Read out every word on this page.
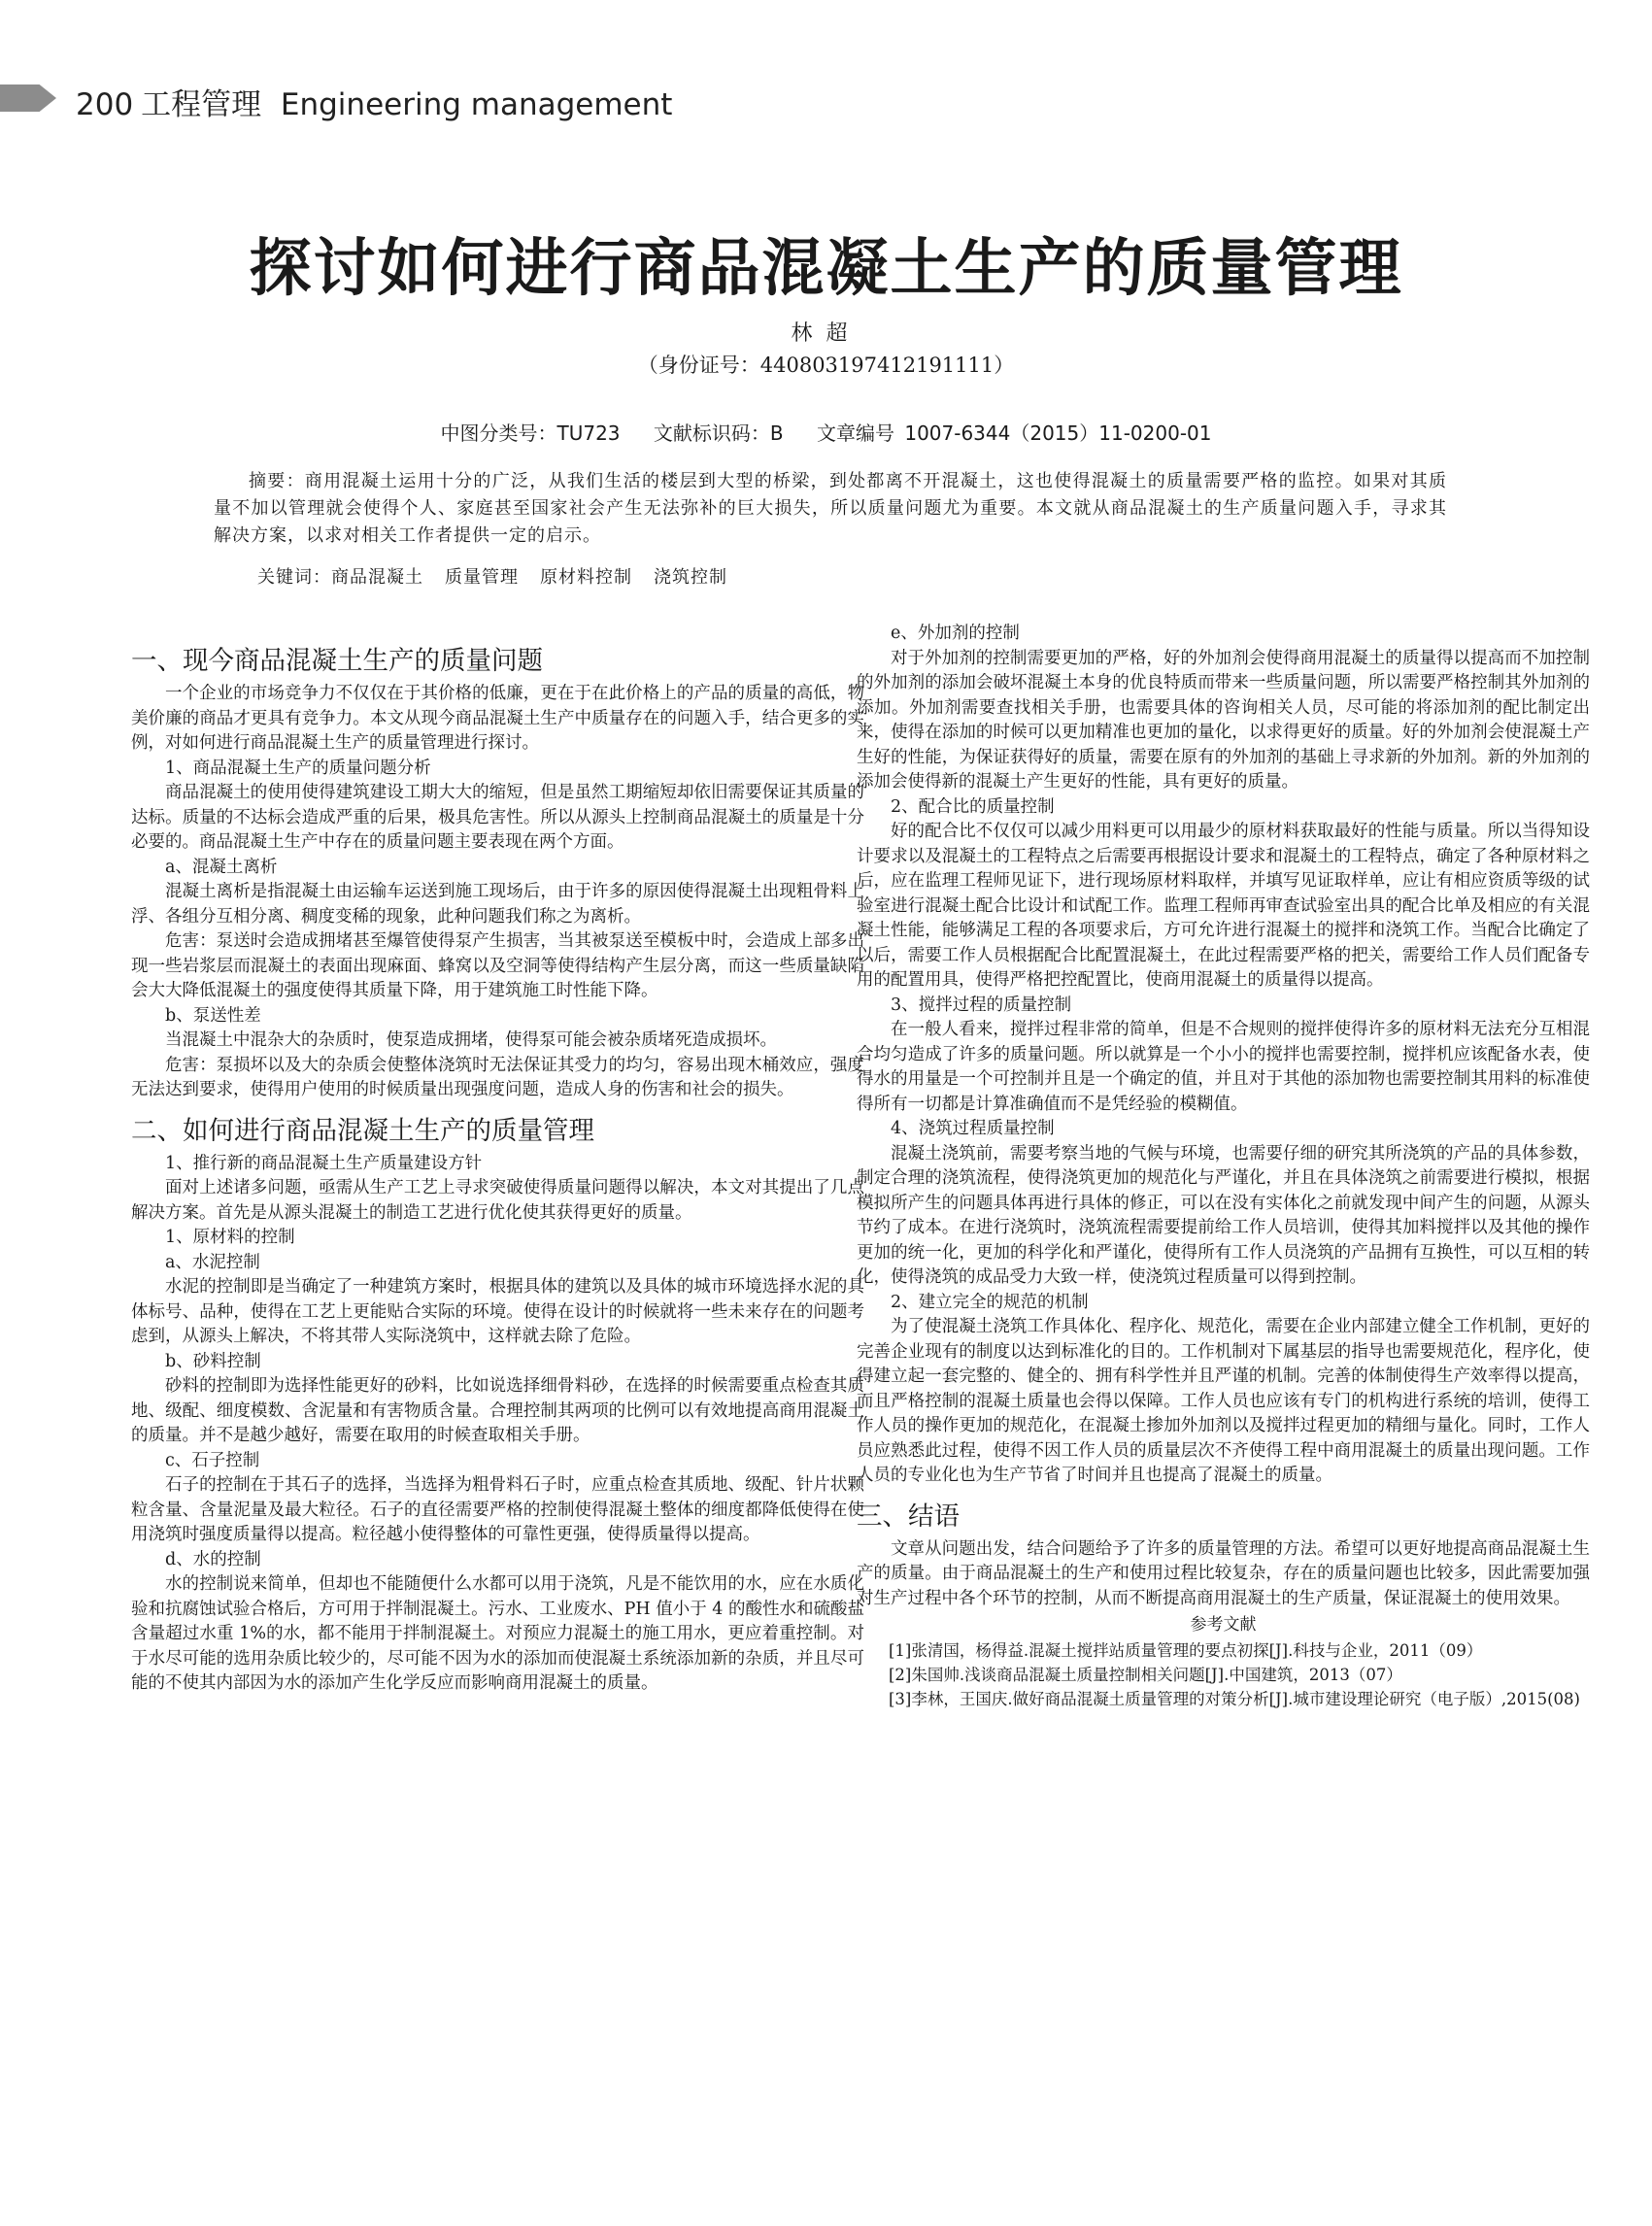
200 工程管理 Engineering management
探讨如何进行商品混凝土生产的质量管理
林超
（身份证号：440803197412191111）
中图分类号：TU723 文献标识码：B 文章编号 1007-6344（2015）11-0200-01

摘要：商用混凝土运用十分的广泛，从我们生活的楼层到大型的桥梁，到处都离不开混凝土，这也使得混凝土的质量需要严格的监控。如果对其质量不加以管理就会使得个人、家庭甚至国家社会产生无法弥补的巨大损失，所以质量问题尤为重要。本文就从商品混凝土的生产质量问题入手，寻求其解决方案，以求对相关工作者提供一定的启示。

关键词：商品混凝土 质量管理 原材料控制 浇筑控制
一、现今商品混凝土生产的质量问题

一个企业的市场竞争力不仅仅在于其价格的低廉，更在于在此价格上的产品的质量的高低，物美价廉的商品才更具有竞争力。本文从现今商品混凝土生产中质量存在的问题入手，结合更多的实例，对如何进行商品混凝土生产的质量管理进行探讨。

1、商品混凝土生产的质量问题分析

商品混凝土的使用使得建筑建设工期大大的缩短，但是虽然工期缩短却依旧需要保证其质量的达标。质量的不达标会造成严重的后果，极具危害性。所以从源头上控制商品混凝土的质量是十分必要的。商品混凝土生产中存在的质量问题主要表现在两个方面。

a、混凝土离析

混凝土离析是指混凝土由运输车运送到施工现场后，由于许多的原因使得混凝土出现粗骨料上浮、各组分互相分离、稠度变稀的现象，此种问题我们称之为离析。

危害：泵送时会造成拥堵甚至爆管使得泵产生损害，当其被泵送至模板中时，会造成上部多出现一些岩浆层而混凝土的表面出现麻面、蜂窝以及空洞等使得结构产生层分离，而这一些质量缺陷会大大降低混凝土的强度使得其质量下降，用于建筑施工时性能下降。

b、泵送性差

当混凝土中混杂大的杂质时，使泵造成拥堵，使得泵可能会被杂质堵死造成损坏。

危害：泵损坏以及大的杂质会使整体浇筑时无法保证其受力的均匀，容易出现木桶效应，强度无法达到要求，使得用户使用的时候质量出现强度问题，造成人身的伤害和社会的损失。

二、如何进行商品混凝土生产的质量管理
1、推行新的商品混凝土生产质量建设方针

面对上述诸多问题，亟需从生产工艺上寻求突破使得质量问题得以解决，本文对其提出了几点解决方案。首先是从源头混凝土的制造工艺进行优化使其获得更好的质量。

1、原材料的控制
a、水泥控制

水泥的控制即是当确定了一种建筑方案时，根据具体的建筑以及具体的城市环境选择水泥的具体标号、品种，使得在工艺上更能贴合实际的环境。使得在设计的时候就将一些未来存在的问题考虑到，从源头上解决，不将其带人实际浇筑中，这样就去除了危险。

b、砂料控制

砂料的控制即为选择性能更好的砂料，比如说选择细骨料砂，在选择的时候需要重点检查其质地、级配、细度模数、含泥量和有害物质含量。合理控制其两项的比例可以有效地提高商用混凝土的质量。并不是越少越好，需要在取用的时候查取相关手册。

c、石子控制

石子的控制在于其石子的选择，当选择为粗骨料石子时，应重点检查其质地、级配、针片状颗粒含量、含量泥量及最大粒径。石子的直径需要严格的控制使得混凝土整体的细度都降低使得在使用浇筑时强度质量得以提高。粒径越小使得整体的可靠性更强，使得质量得以提高。

d、水的控制

水的控制说来简单，但却也不能随便什么水都可以用于浇筑，凡是不能饮用的水，应在水质化验和抗腐蚀试验合格后，方可用于拌制混凝土。污水、工业废水、PH 值小于 4 的酸性水和硫酸盐含量超过水重 1%的水，都不能用于拌制混凝土。对预应力混凝土的施工用水，更应着重控制。对于水尽可能的选用杂质比较少的，尽可能不因为水的添加而使混凝土系统添加新的杂质，并且尽可能的不使其内部因为水的添加产生化学反应而影响商用混凝土的质量。

e、外加剂的控制

对于外加剂的控制需要更加的严格，好的外加剂会使得商用混凝土的质量得以提高而不加控制的外加剂的添加会破坏混凝土本身的优良特质而带来一些质量问题，所以需要严格控制其外加剂的添加。外加剂需要查找相关手册，也需要具体的咨询相关人员，尽可能的将添加剂的配比制定出来，使得在添加的时候可以更加精准也更加的量化，以求得更好的质量。好的外加剂会使混凝土产生好的性能，为保证获得好的质量，需要在原有的外加剂的基础上寻求新的外加剂。新的外加剂的添加会使得新的混凝土产生更好的性能，具有更好的质量。

2、配合比的质量控制

好的配合比不仅仅可以减少用料更可以用最少的原材料获取最好的性能与质量。所以当得知设计要求以及混凝土的工程特点之后需要再根据设计要求和混凝土的工程特点，确定了各种原材料之后，应在监理工程师见证下，进行现场原材料取样，并填写见证取样单，应让有相应资质等级的试验室进行混凝土配合比设计和试配工作。监理工程师再审查试验室出具的配合比单及相应的有关混凝土性能，能够满足工程的各项要求后，方可允许进行混凝土的搅拌和浇筑工作。当配合比确定了以后，需要工作人员根据配合比配置混凝土，在此过程需要严格的把关，需要给工作人员们配备专用的配置用具，使得严格把控配置比，使商用混凝土的质量得以提高。

3、搅拌过程的质量控制

在一般人看来，搅拌过程非常的简单，但是不合规则的搅拌使得许多的原材料无法充分互相混合均匀造成了许多的质量问题。所以就算是一个小小的搅拌也需要控制，搅拌机应该配备水表，使得水的用量是一个可控制并且是一个确定的值，并且对于其他的添加物也需要控制其用料的标准使得所有一切都是计算准确值而不是凭经验的模糊值。

4、浇筑过程质量控制

混凝土浇筑前，需要考察当地的气候与环境，也需要仔细的研究其所浇筑的产品的具体参数，制定合理的浇筑流程，使得浇筑更加的规范化与严谨化，并且在具体浇筑之前需要进行模拟，根据模拟所产生的问题具体再进行具体的修正，可以在没有实体化之前就发现中间产生的问题，从源头节约了成本。在进行浇筑时，浇筑流程需要提前给工作人员培训，使得其加料搅拌以及其他的操作更加的统一化，更加的科学化和严谨化，使得所有工作人员浇筑的产品拥有互换性，可以互相的转化，使得浇筑的成品受力大致一样，使浇筑过程质量可以得到控制。

2、建立完全的规范的机制

为了使混凝土浇筑工作具体化、程序化、规范化，需要在企业内部建立健全工作机制，更好的完善企业现有的制度以达到标准化的目的。工作机制对下属基层的指导也需要规范化，程序化，使得建立起一套完整的、健全的、拥有科学性并且严谨的机制。完善的体制使得生产效率得以提高，而且严格控制的混凝土质量也会得以保障。工作人员也应该有专门的机构进行系统的培训，使得工作人员的操作更加的规范化，在混凝土掺加外加剂以及搅拌过程更加的精细与量化。同时，工作人员应熟悉此过程，使得不因工作人员的质量层次不齐使得工程中商用混凝土的质量出现问题。工作人员的专业化也为生产节省了时间并且也提高了混凝土的质量。

三、结语

文章从问题出发，结合问题给予了许多的质量管理的方法。希望可以更好地提高商品混凝土生产的质量。由于商品混凝土的生产和使用过程比较复杂，存在的质量问题也比较多，因此需要加强对生产过程中各个环节的控制，从而不断提高商用混凝土的生产质量，保证混凝土的使用效果。

参考文献

[1]张清国，杨得益.混凝土搅拌站质量管理的要点初探[J].科技与企业，2011（09）

[2]朱国帅.浅谈商品混凝土质量控制相关问题[J].中国建筑，2013（07）

[3]李林，王国庆.做好商品混凝土质量管理的对策分析[J].城市建设理论研究（电子版）,2015(08)
